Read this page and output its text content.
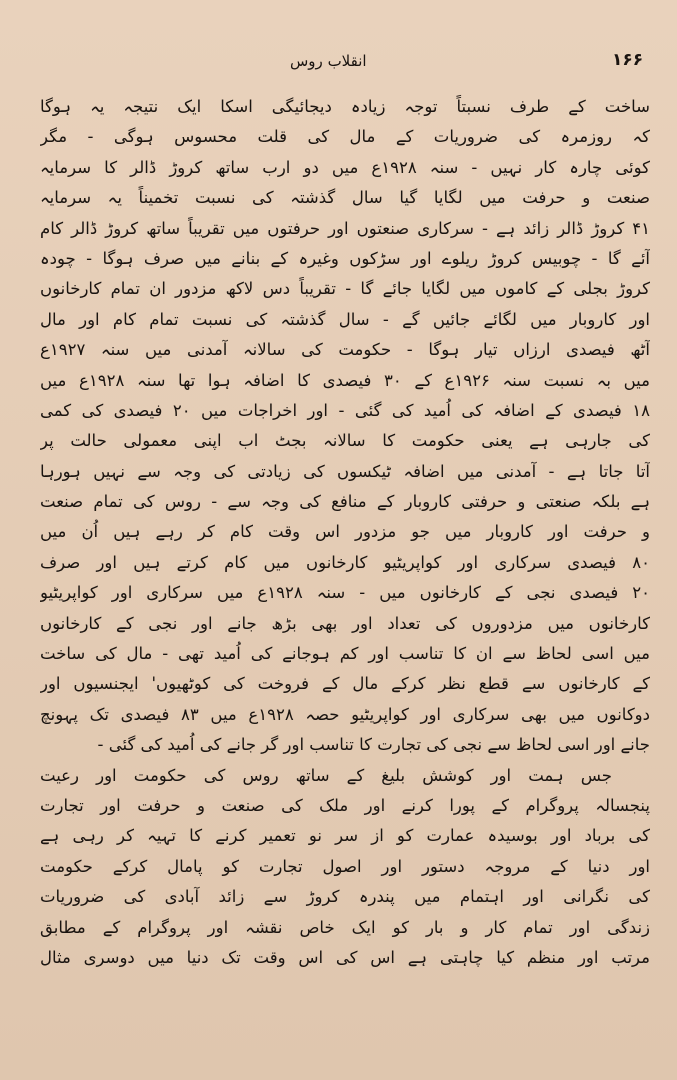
انقلاب روس	۱۶۶
ساخت کے طرف نسبتاً توجہ زیادہ دیجائیگی اسکا ایک نتیجہ یہ ہوگا
کہ روزمرہ کی ضروریات کے مال کی قلت محسوس ہوگی - مگر
کوئی چارہ کار نہیں - سنہ ۱۹۲۸ع میں دو ارب ساتھ کروڑ ڈالر کا سرمایہ
صنعت و حرفت میں لگایا گیا سال گذشتہ کی نسبت تخمیناً یہ سرمایہ
۴۱ کروڑ ڈالر زائد ہے - سرکاری صنعتوں اور حرفتوں میں تقریباً ساتھ کروڑ ڈالر کام
آئے گا - چوبیس کروڑ ریلوے اور سڑکوں وغیرہ کے بنانے میں صرف ہوگا - چودہ
کروڑ بجلی کے کاموں میں لگایا جائے گا - تقریباً دس لاکھ مزدور ان تمام کارخانوں
اور کاروبار میں لگائے جائیں گے - سال گذشتہ کی نسبت تمام کام اور مال
آٹھ فیصدی ارزاں تیار ہوگا - حکومت کی سالانہ آمدنی میں سنہ ۱۹۲۷ع
میں بہ نسبت سنہ ۱۹۲۶ع کے ۳۰ فیصدی کا اضافہ ہوا تھا سنہ ۱۹۲۸ع میں
۱۸ فیصدی کے اضافہ کی اُمید کی گئی - اور اخراجات میں ۲۰ فیصدی کی کمی
کی جارہی ہے یعنی حکومت کا سالانہ بجٹ اب اپنی معمولی حالت پر
آتا جاتا ہے - آمدنی میں اضافہ ٹیکسوں کی زیادتی کی وجہ سے نہیں ہورہا
ہے بلکہ صنعتی و حرفتی کاروبار کے منافع کی وجہ سے - روس کی تمام صنعت
و حرفت اور کاروبار میں جو مزدور اس وقت کام کر رہے ہیں اُن میں
۸۰ فیصدی سرکاری اور کواپریٹیو کارخانوں میں کام کرتے ہیں اور صرف
۲۰ فیصدی نجی کے کارخانوں میں - سنہ ۱۹۲۸ع میں سرکاری اور کواپریٹیو
کارخانوں میں مزدوروں کی تعداد اور بھی بڑھ جانے اور نجی کے کارخانوں
میں اسی لحاظ سے ان کا تناسب اور کم ہوجانے کی اُمید تھی - مال کی ساخت
کے کارخانوں سے قطع نظر کرکے مال کے فروخت کی کوٹھیوں' ایجنسیوں اور
دوکانوں میں بھی سرکاری اور کواپریٹیو حصہ ۱۹۲۸ع میں ۸۳ فیصدی تک پہونچ
جانے اور اسی لحاظ سے نجی کی تجارت کا تناسب اور گر جانے کی اُمید کی گئی -
جس ہمت اور کوشش بلیغ کے ساتھ روس کی حکومت اور رعیت
پنجسالہ پروگرام کے پورا کرنے اور ملک کی صنعت و حرفت اور تجارت
کی برباد اور بوسیدہ عمارت کو از سر نو تعمیر کرنے کا تہیہ کر رہی ہے
اور دنیا کے مروجہ دستور اور اصول تجارت کو پامال کرکے حکومت
کی نگرانی اور اہتمام میں پندرہ کروڑ سے زائد آبادی کی ضروریات
زندگی اور تمام کار و بار کو ایک خاص نقشہ اور پروگرام کے مطابق
مرتب اور منظم کیا چاہتی ہے اس کی اس وقت تک دنیا میں دوسری مثال
